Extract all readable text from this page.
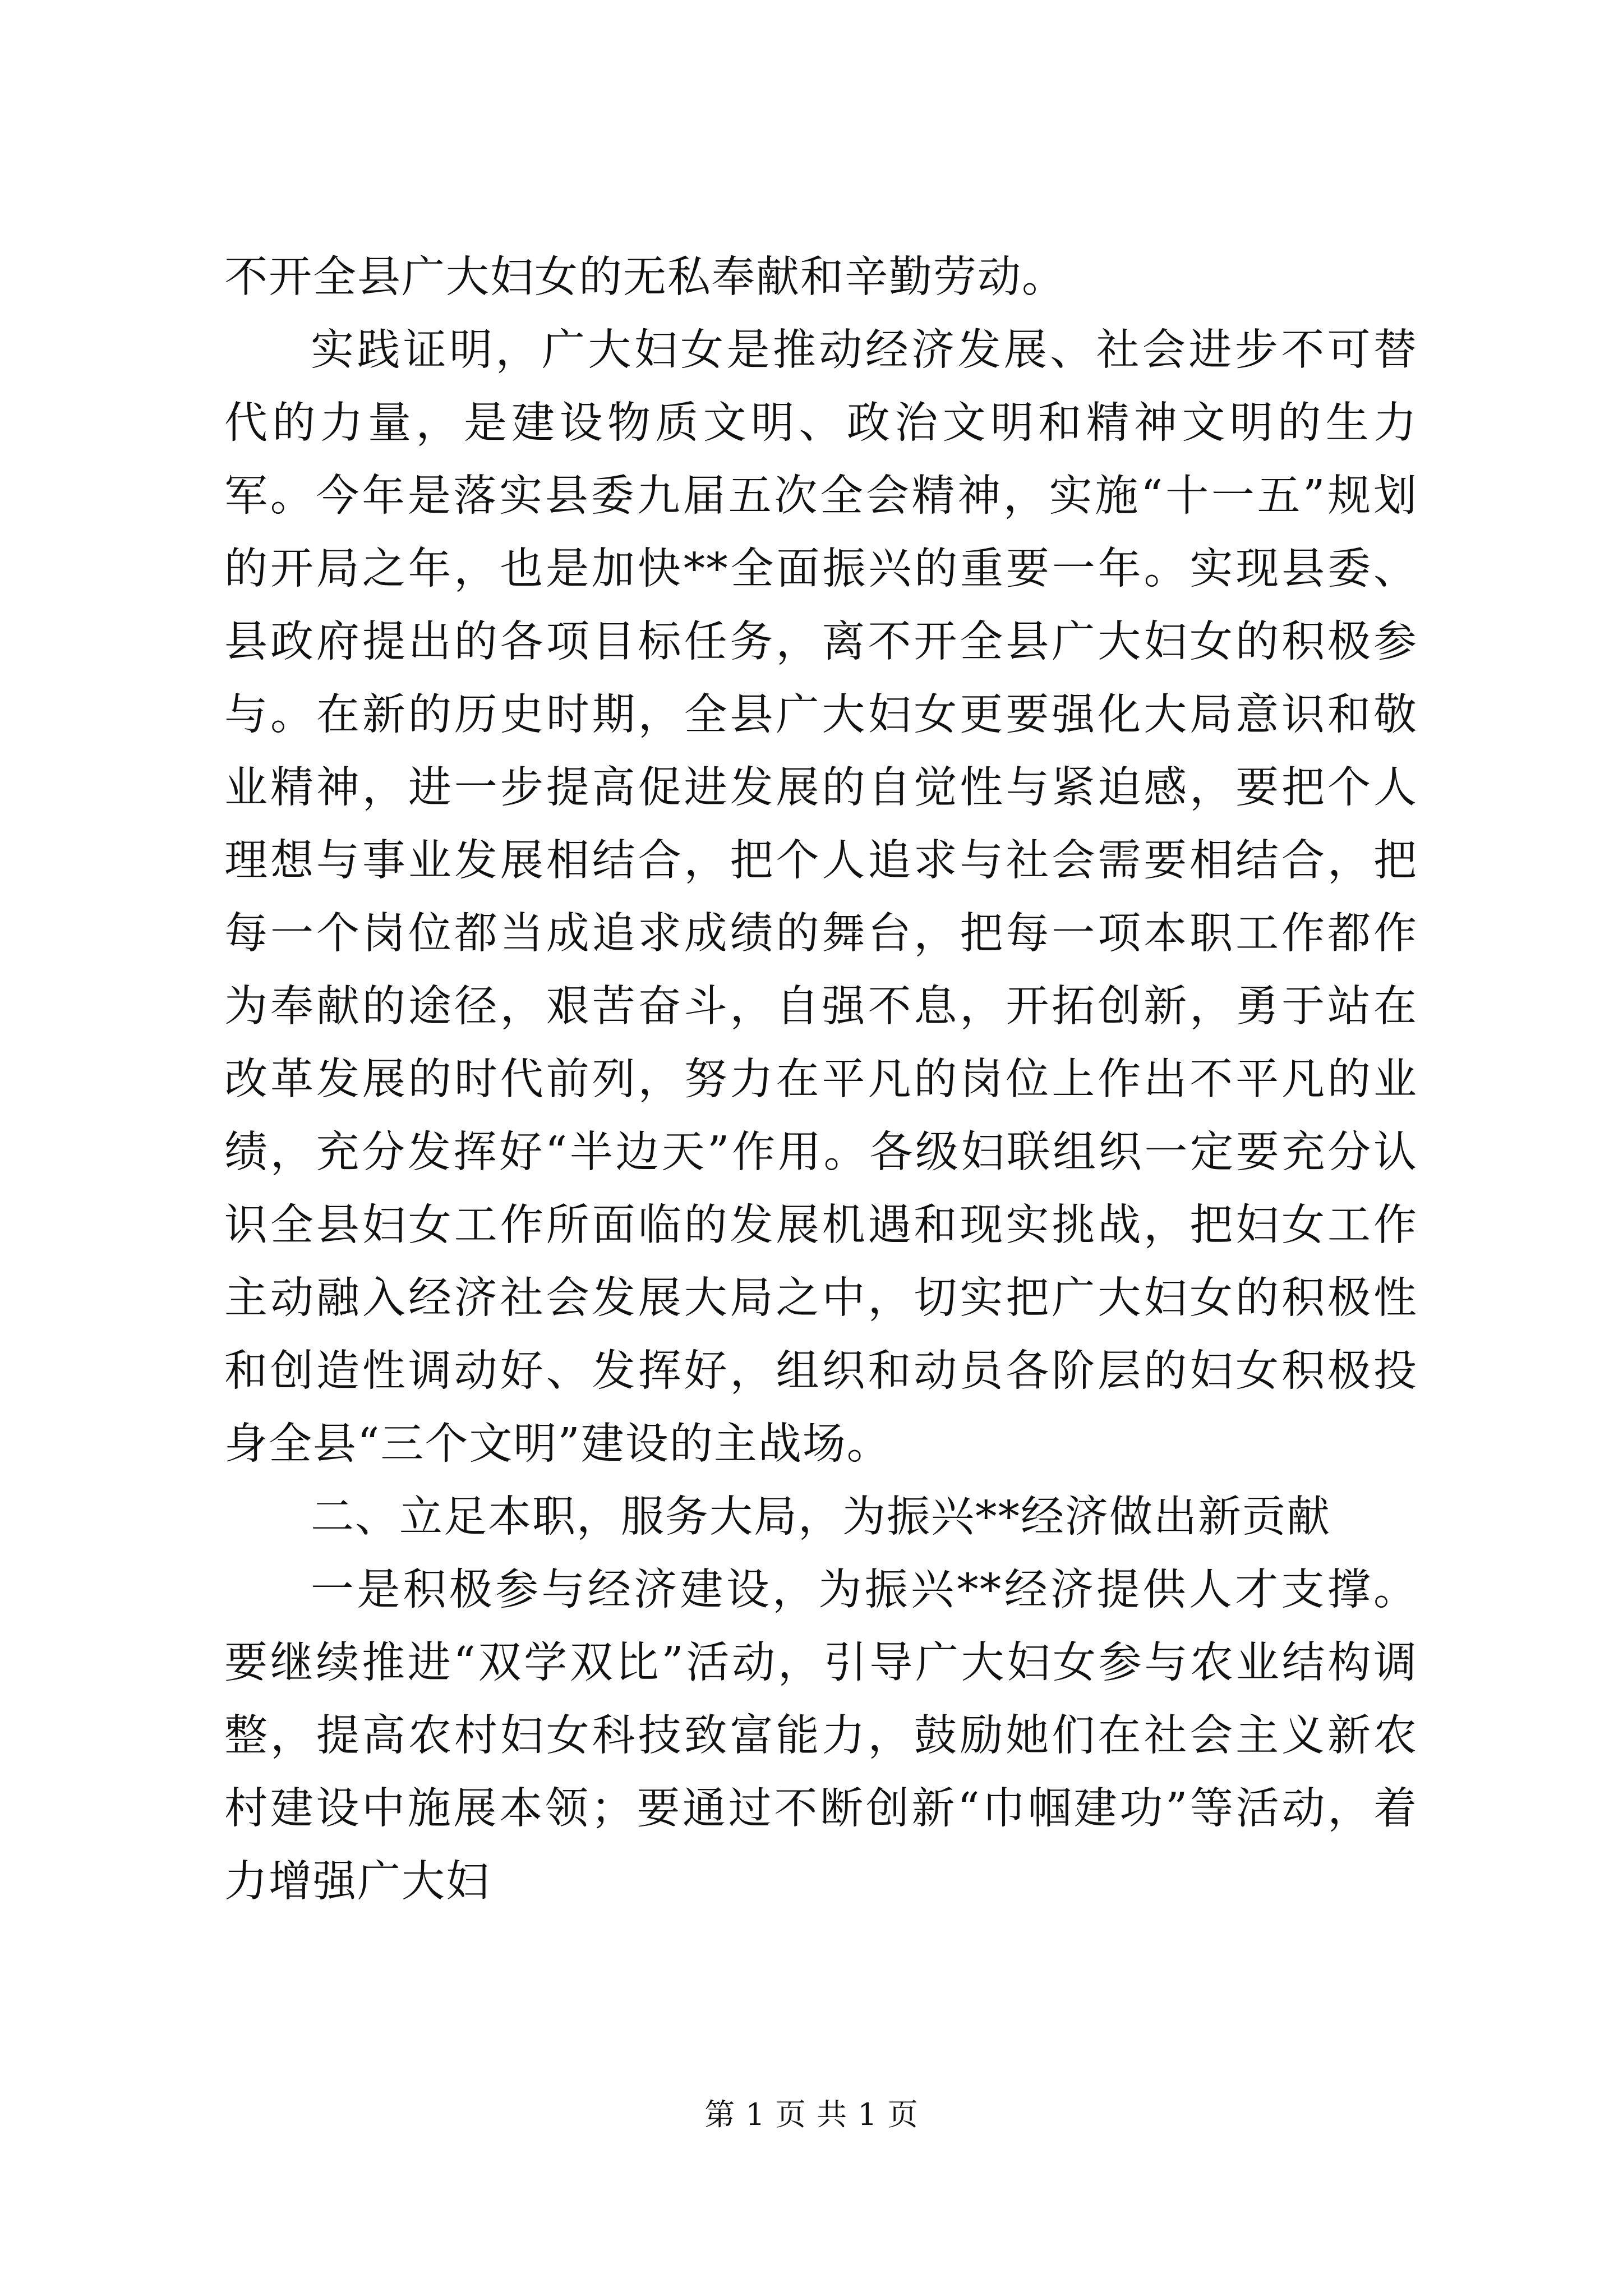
不开全县广大妇女的无私奉献和辛勤劳动。

实践证明，广大妇女是推动经济发展、社会进步不可替代的力量，是建设物质文明、政治文明和精神文明的生力军。今年是落实县委九届五次全会精神，实施“十一五”规划的开局之年，也是加快**全面振兴的重要一年。实现县委、县政府提出的各项目标任务，离不开全县广大妇女的积极参与。在新的历史时期，全县广大妇女更要强化大局意识和敬业精神，进一步提高促进发展的自觉性与紧迫感，要把个人理想与事业发展相结合，把个人追求与社会需要相结合，把每一个岗位都当成追求成绩的舞台，把每一项本职工作都作为奉献的途径，艰苦奋斗，自强不息，开拓创新，勇于站在改革发展的时代前列，努力在平凡的岗位上作出不平凡的业绩，充分发挥好“半边天”作用。各级妇联组织一定要充分认识全县妇女工作所面临的发展机遇和现实挑战，把妇女工作主动融入经济社会发展大局之中，切实把广大妇女的积极性和创造性调动好、发挥好，组织和动员各阶层的妇女积极投身全县“三个文明”建设的主战场。

二、立足本职，服务大局，为振兴**经济做出新贡献

一是积极参与经济建设，为振兴**经济提供人才支撑。要继续推进“双学双比”活动，引导广大妇女参与农业结构调整，提高农村妇女科技致富能力，鼓励她们在社会主义新农村建设中施展本领；要通过不断创新“巾帼建功”等活动，着力增强广大妇

第 1 页 共 1 页
